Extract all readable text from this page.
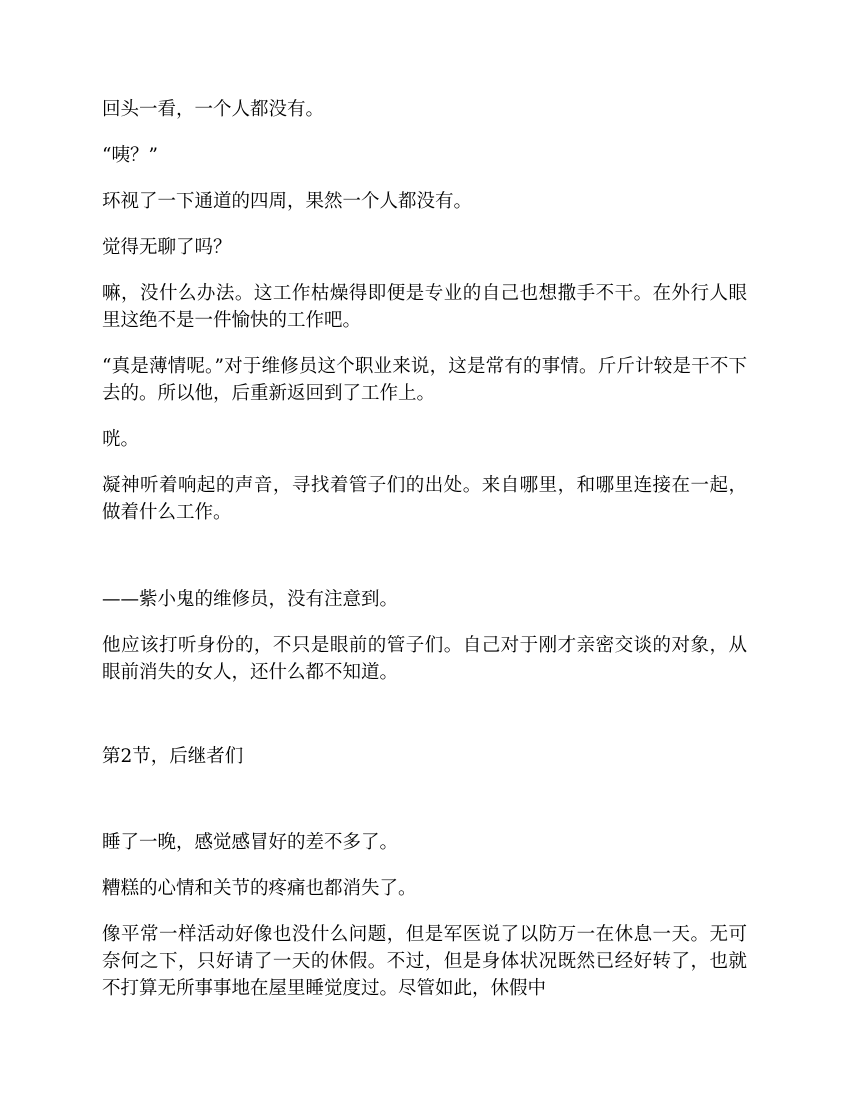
回头一看，一个人都没有。

“咦？”

环视了一下通道的四周，果然一个人都没有。

觉得无聊了吗？

嘛，没什么办法。这工作枯燥得即便是专业的自己也想撒手不干。在外行人眼里这绝不是一件愉快的工作吧。

“真是薄情呢。”对于维修员这个职业来说，这是常有的事情。斤斤计较是干不下去的。所以他，后重新返回到了工作上。

咣。

凝神听着响起的声音，寻找着管子们的出处。来自哪里，和哪里连接在一起，做着什么工作。

——紫小鬼的维修员，没有注意到。

他应该打听身份的，不只是眼前的管子们。自己对于刚才亲密交谈的对象，从眼前消失的女人，还什么都不知道。

第2节，后继者们

睡了一晚，感觉感冒好的差不多了。

糟糕的心情和关节的疼痛也都消失了。

像平常一样活动好像也没什么问题，但是军医说了以防万一在休息一天。无可奈何之下，只好请了一天的休假。不过，但是身体状况既然已经好转了，也就不打算无所事事地在屋里睡觉度过。尽管如此，休假中
